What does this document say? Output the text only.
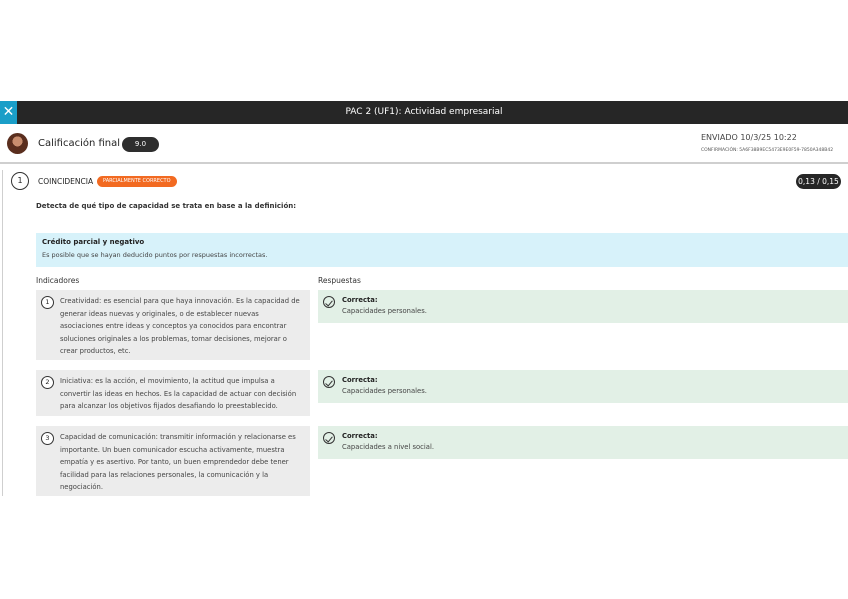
✕	PAC 2 (UF1): Actividad empresarial
Calificación final	9.0
ENVIADO 10/3/25 10:22
CONFIRMACIÓN: 5A6F38B9EC5473E9E0F59-7850A348B42
1	COINCIDENCIA	PARCIALMENTE CORRECTO	0,13 / 0,15
Detecta de qué tipo de capacidad se trata en base a la definición:
Crédito parcial y negativo
Es posible que se hayan deducido puntos por respuestas incorrectas.
Indicadores	Respuestas
1	Creatividad: es esencial para que haya innovación. Es la capacidad de generar ideas nuevas y originales, o de establecer nuevas asociaciones entre ideas y conceptos ya conocidos para encontrar soluciones originales a los problemas, tomar decisiones, mejorar o crear productos, etc.
Correcta:
Capacidades personales.
2	Iniciativa: es la acción, el movimiento, la actitud que impulsa a convertir las ideas en hechos. Es la capacidad de actuar con decisión para alcanzar los objetivos fijados desafiando lo preestablecido.
Correcta:
Capacidades personales.
3	Capacidad de comunicación: transmitir información y relacionarse es importante. Un buen comunicador escucha activamente, muestra empatía y es asertivo. Por tanto, un buen emprendedor debe tener facilidad para las relaciones personales, la comunicación y la negociación.
Correcta:
Capacidades a nivel social.
